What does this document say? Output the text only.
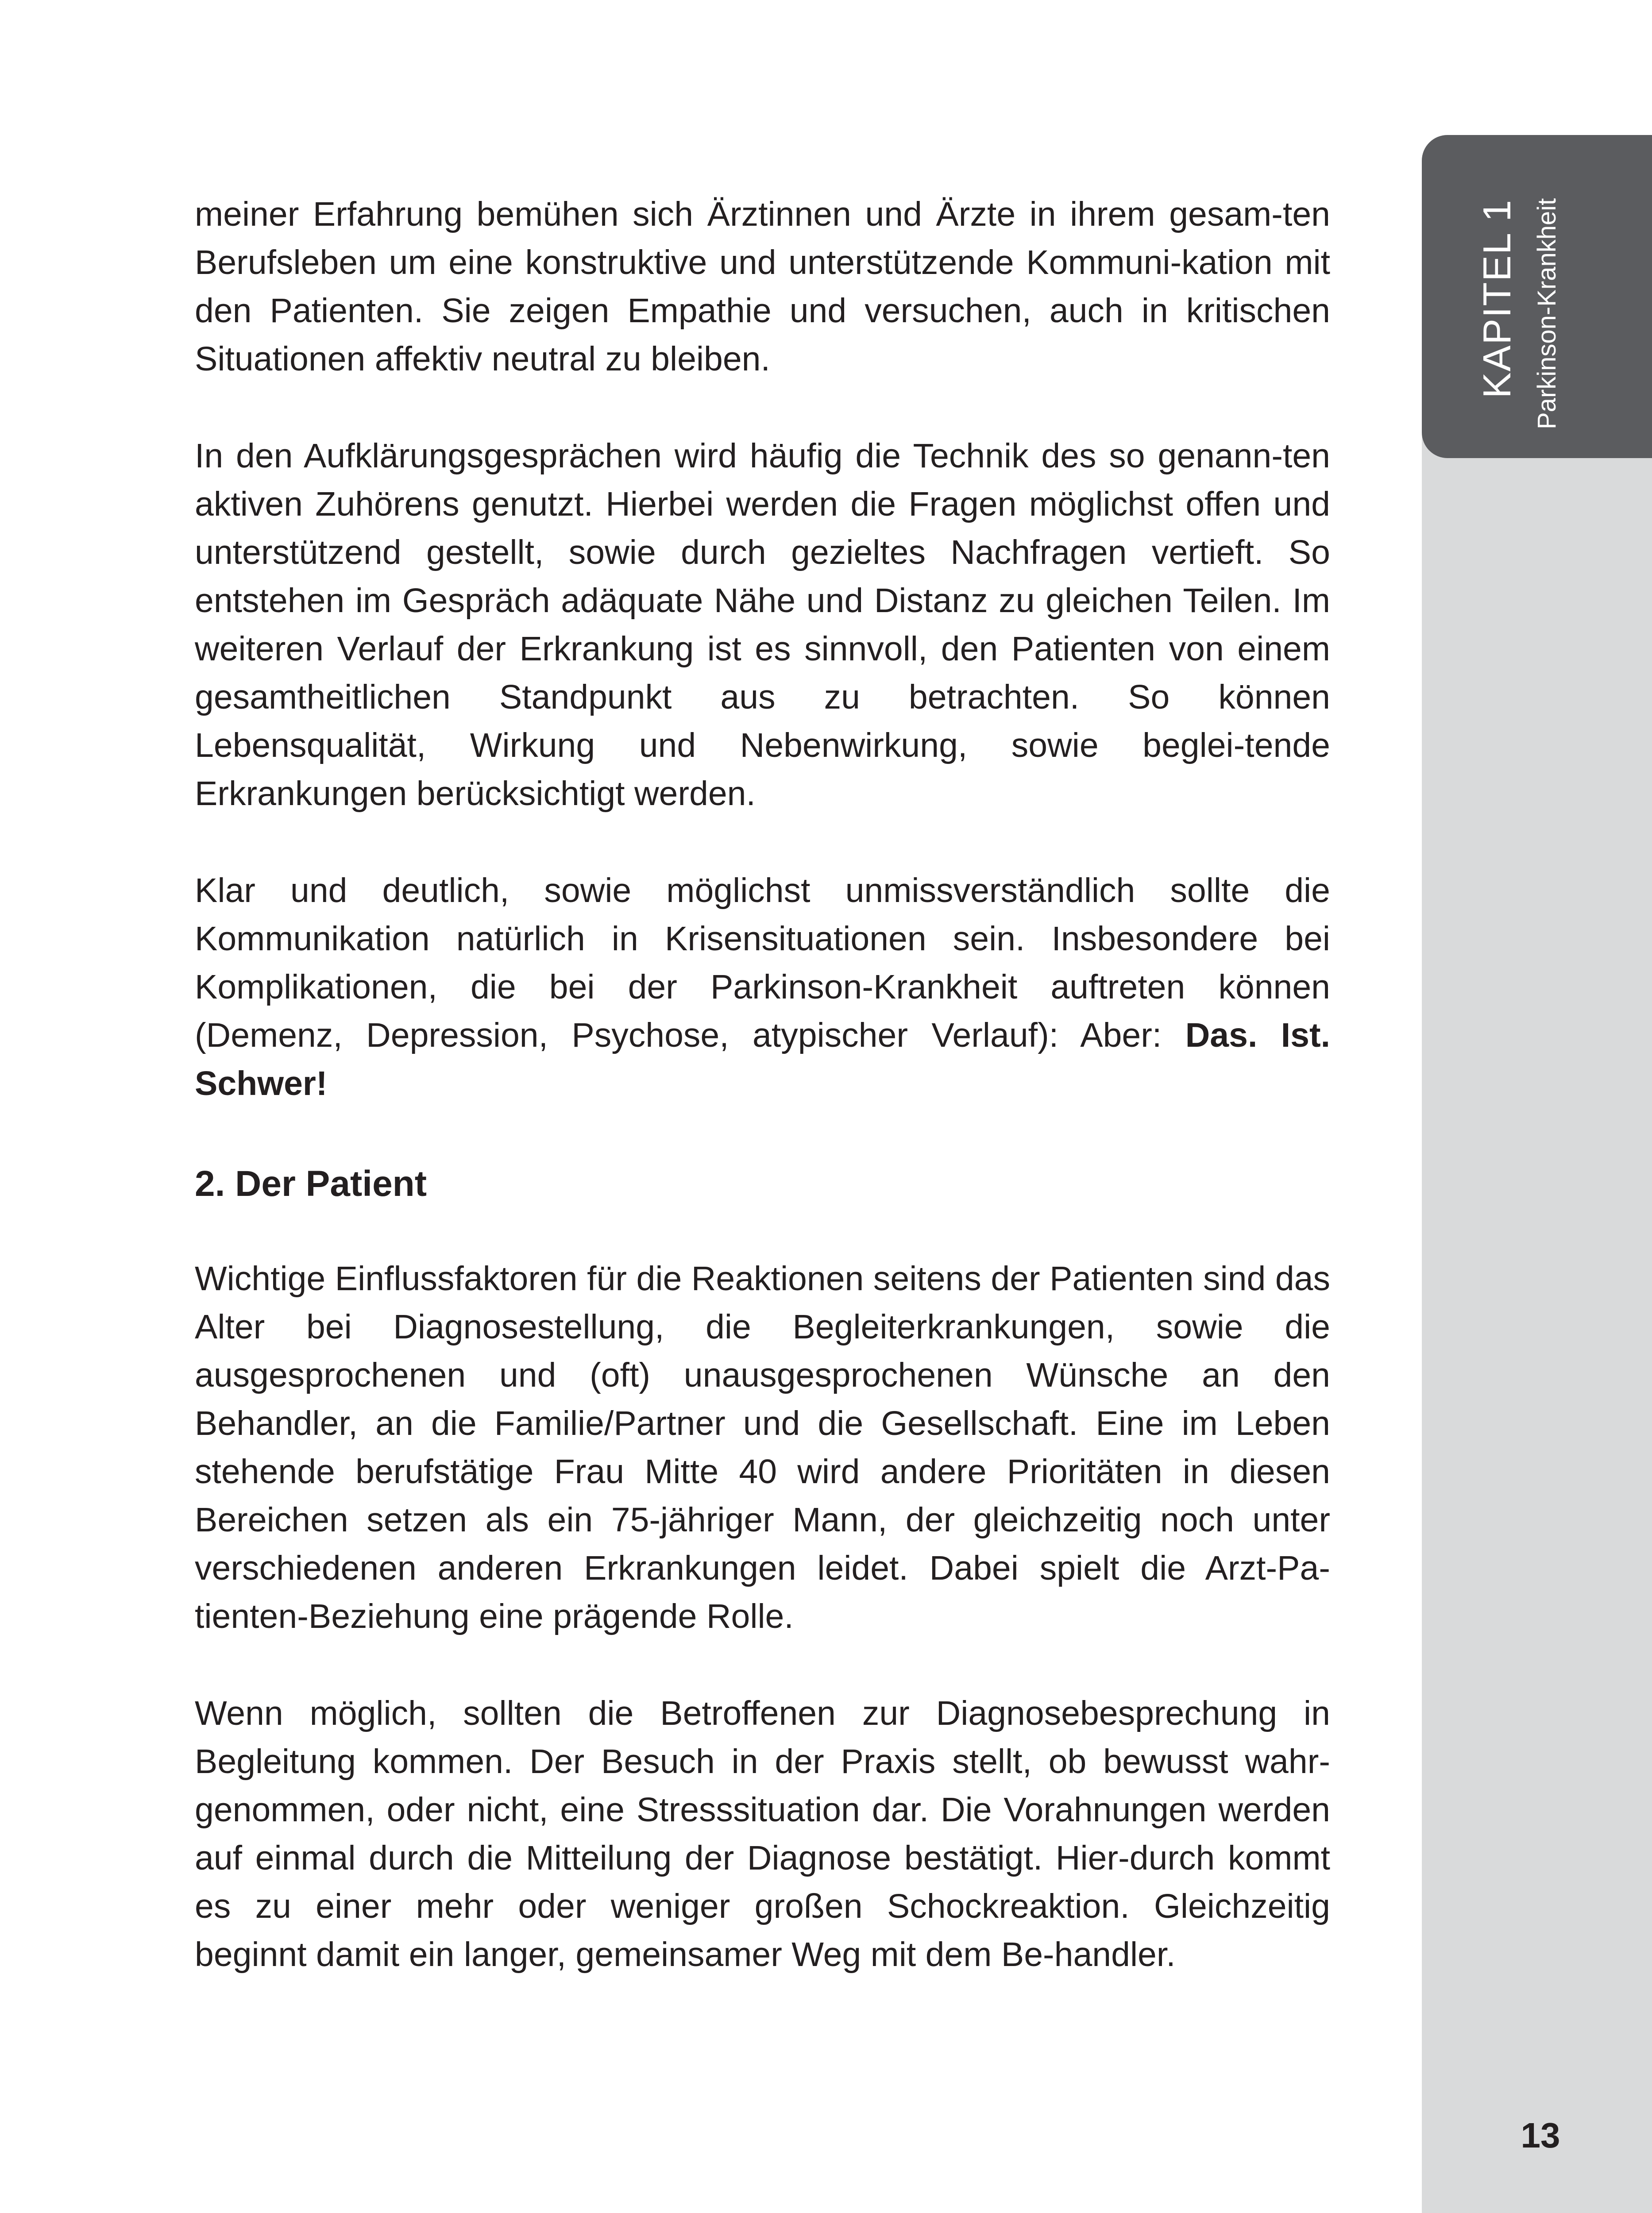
KAPITEL 1 Parkinson-Krankheit

meiner Erfahrung bemühen sich Ärztinnen und Ärzte in ihrem gesam-ten Berufsleben um eine konstruktive und unterstützende Kommuni-kation mit den Patienten. Sie zeigen Empathie und versuchen, auch in kritischen Situationen affektiv neutral zu bleiben.

In den Aufklärungsgesprächen wird häufig die Technik des so genann-ten aktiven Zuhörens genutzt. Hierbei werden die Fragen möglichst offen und unterstützend gestellt, sowie durch gezieltes Nachfragen vertieft. So entstehen im Gespräch adäquate Nähe und Distanz zu gleichen Teilen. Im weiteren Verlauf der Erkrankung ist es sinnvoll, den Patienten von einem gesamtheitlichen Standpunkt aus zu betrachten. So können Lebensqualität, Wirkung und Nebenwirkung, sowie beglei-tende Erkrankungen berücksichtigt werden.

Klar und deutlich, sowie möglichst unmissverständlich sollte die Kommunikation natürlich in Krisensituationen sein. Insbesondere bei Komplikationen, die bei der Parkinson-Krankheit auftreten können (Demenz, Depression, Psychose, atypischer Verlauf): Aber: Das. Ist. Schwer!

2. Der Patient

Wichtige Einflussfaktoren für die Reaktionen seitens der Patienten sind das Alter bei Diagnosestellung, die Begleiterkrankungen, sowie die ausgesprochenen und (oft) unausgesprochenen Wünsche an den Behandler, an die Familie/Partner und die Gesellschaft. Eine im Leben stehende berufstätige Frau Mitte 40 wird andere Prioritäten in diesen Bereichen setzen als ein 75-jähriger Mann, der gleichzeitig noch unter verschiedenen anderen Erkrankungen leidet. Dabei spielt die Arzt-Pa-tienten-Beziehung eine prägende Rolle.

Wenn möglich, sollten die Betroffenen zur Diagnosebesprechung in Begleitung kommen. Der Besuch in der Praxis stellt, ob bewusst wahr-genommen, oder nicht, eine Stresssituation dar. Die Vorahnungen werden auf einmal durch die Mitteilung der Diagnose bestätigt. Hier-durch kommt es zu einer mehr oder weniger großen Schockreaktion. Gleichzeitig beginnt damit ein langer, gemeinsamer Weg mit dem Be-handler.

13
